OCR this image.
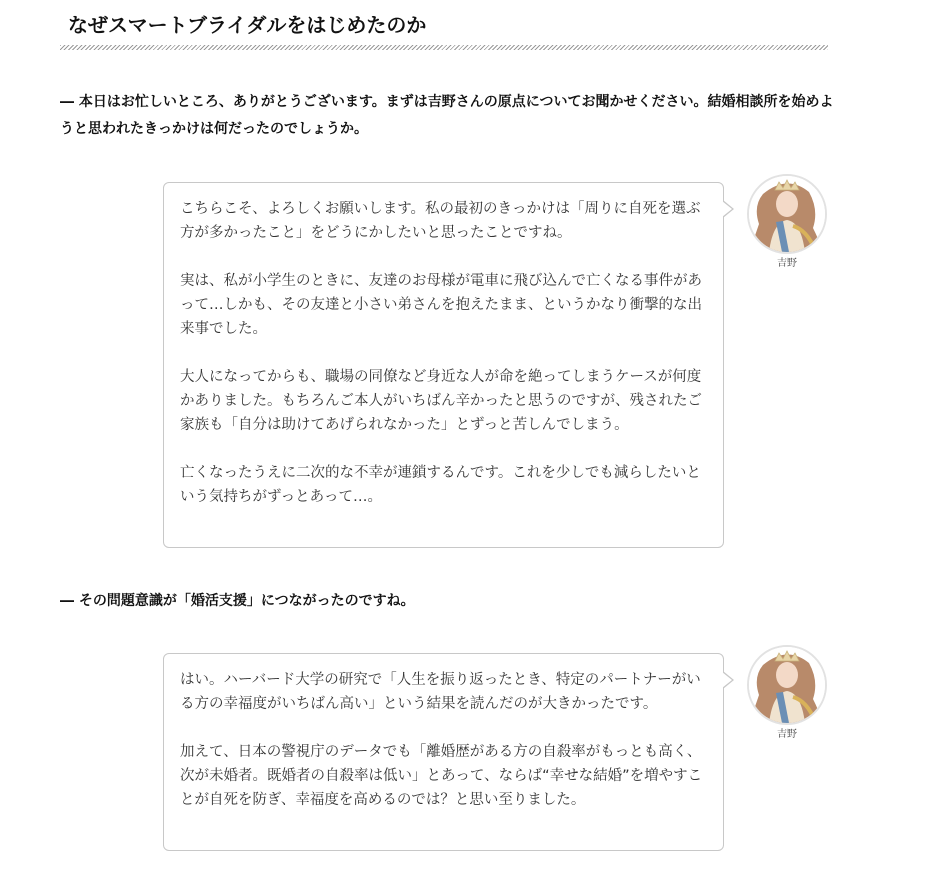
なぜスマートブライダルをはじめたのか

― 本日はお忙しいところ、ありがとうございます。まずは吉野さんの原点についてお聞かせください。結婚相談所を始めようと思われたきっかけは何だったのでしょうか。

こちらこそ、よろしくお願いします。私の最初のきっかけは「周りに自死を選ぶ方が多かったこと」をどうにかしたいと思ったことですね。

実は、私が小学生のときに、友達のお母様が電車に飛び込んで亡くなる事件があって…しかも、その友達と小さい弟さんを抱えたまま、というかなり衝撃的な出来事でした。

大人になってからも、職場の同僚など身近な人が命を絶ってしまうケースが何度かありました。もちろんご本人がいちばん辛かったと思うのですが、残されたご家族も「自分は助けてあげられなかった」とずっと苦しんでしまう。

亡くなったうえに二次的な不幸が連鎖するんです。これを少しでも減らしたいという気持ちがずっとあって…。

吉野

― その問題意識が「婚活支援」につながったのですね。

はい。ハーバード大学の研究で「人生を振り返ったとき、特定のパートナーがいる方の幸福度がいちばん高い」という結果を読んだのが大きかったです。

加えて、日本の警視庁のデータでも「離婚歴がある方の自殺率がもっとも高く、次が未婚者。既婚者の自殺率は低い」とあって、ならば“幸せな結婚”を増やすことが自死を防ぎ、幸福度を高めるのでは？と思い至りました。

吉野
